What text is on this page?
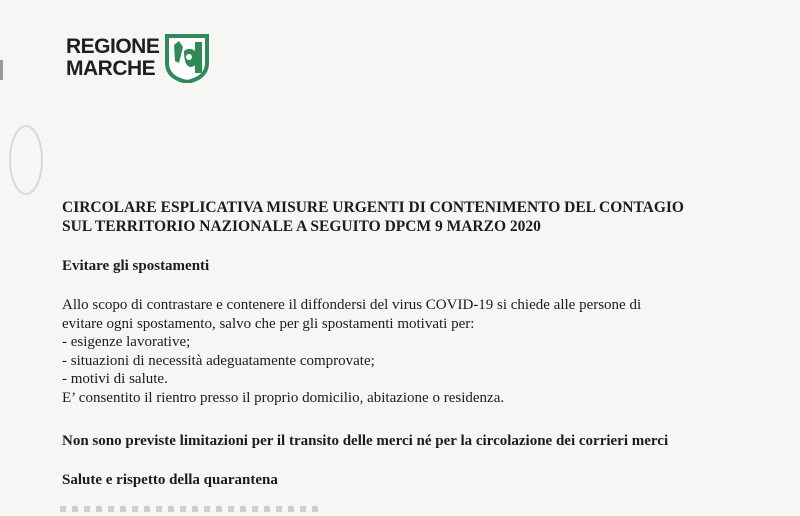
REGIONE
MARCHE
CIRCOLARE ESPLICATIVA MISURE URGENTI DI CONTENIMENTO DEL CONTAGIO
SUL TERRITORIO NAZIONALE A SEGUITO DPCM 9 MARZO 2020
Evitare gli spostamenti
Allo scopo di contrastare e contenere il diffondersi del virus COVID-19 si chiede alle persone di
evitare ogni spostamento, salvo che per gli spostamenti motivati per:
- esigenze lavorative;
- situazioni di necessità adeguatamente comprovate;
- motivi di salute.
E’ consentito il rientro presso il proprio domicilio, abitazione o residenza.
Non sono previste limitazioni per il transito delle merci né per la circolazione dei corrieri merci
Salute e rispetto della quarantena
